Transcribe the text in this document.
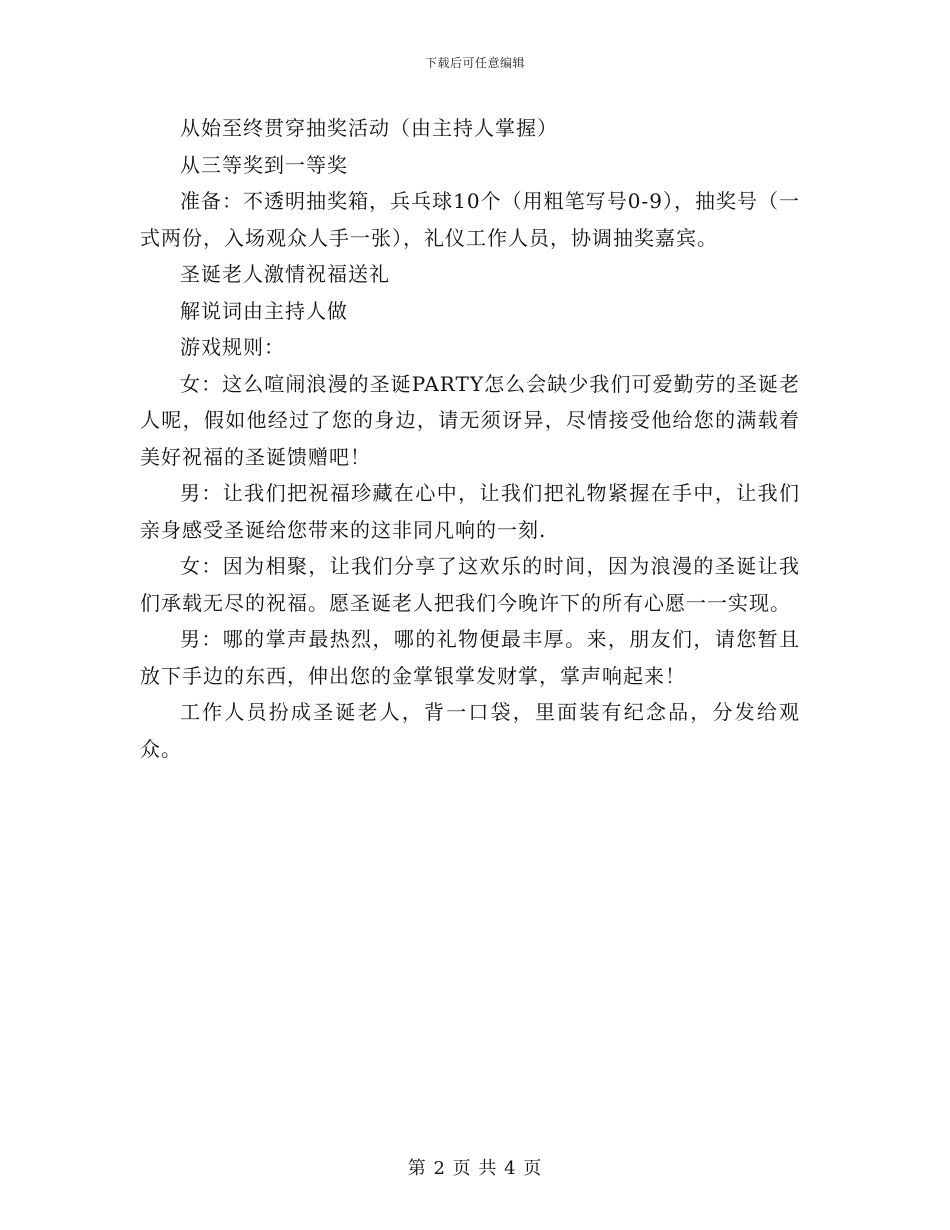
下载后可任意编辑

从始至终贯穿抽奖活动（由主持人掌握）

从三等奖到一等奖

准备：不透明抽奖箱，兵乓球10个（用粗笔写号0-9），抽奖号（一式两份，入场观众人手一张），礼仪工作人员，协调抽奖嘉宾。

圣诞老人激情祝福送礼

解说词由主持人做

游戏规则：

女：这么喧闹浪漫的圣诞PARTY怎么会缺少我们可爱勤劳的圣诞老人呢，假如他经过了您的身边，请无须讶异，尽情接受他给您的满载着美好祝福的圣诞馈赠吧！

男：让我们把祝福珍藏在心中，让我们把礼物紧握在手中，让我们亲身感受圣诞给您带来的这非同凡响的一刻.

女：因为相聚，让我们分享了这欢乐的时间，因为浪漫的圣诞让我们承载无尽的祝福。愿圣诞老人把我们今晚许下的所有心愿一一实现。

男：哪的掌声最热烈，哪的礼物便最丰厚。来，朋友们，请您暂且放下手边的东西，伸出您的金掌银掌发财掌，掌声响起来！

工作人员扮成圣诞老人，背一口袋，里面装有纪念品，分发给观众。

第 2 页 共 4 页
